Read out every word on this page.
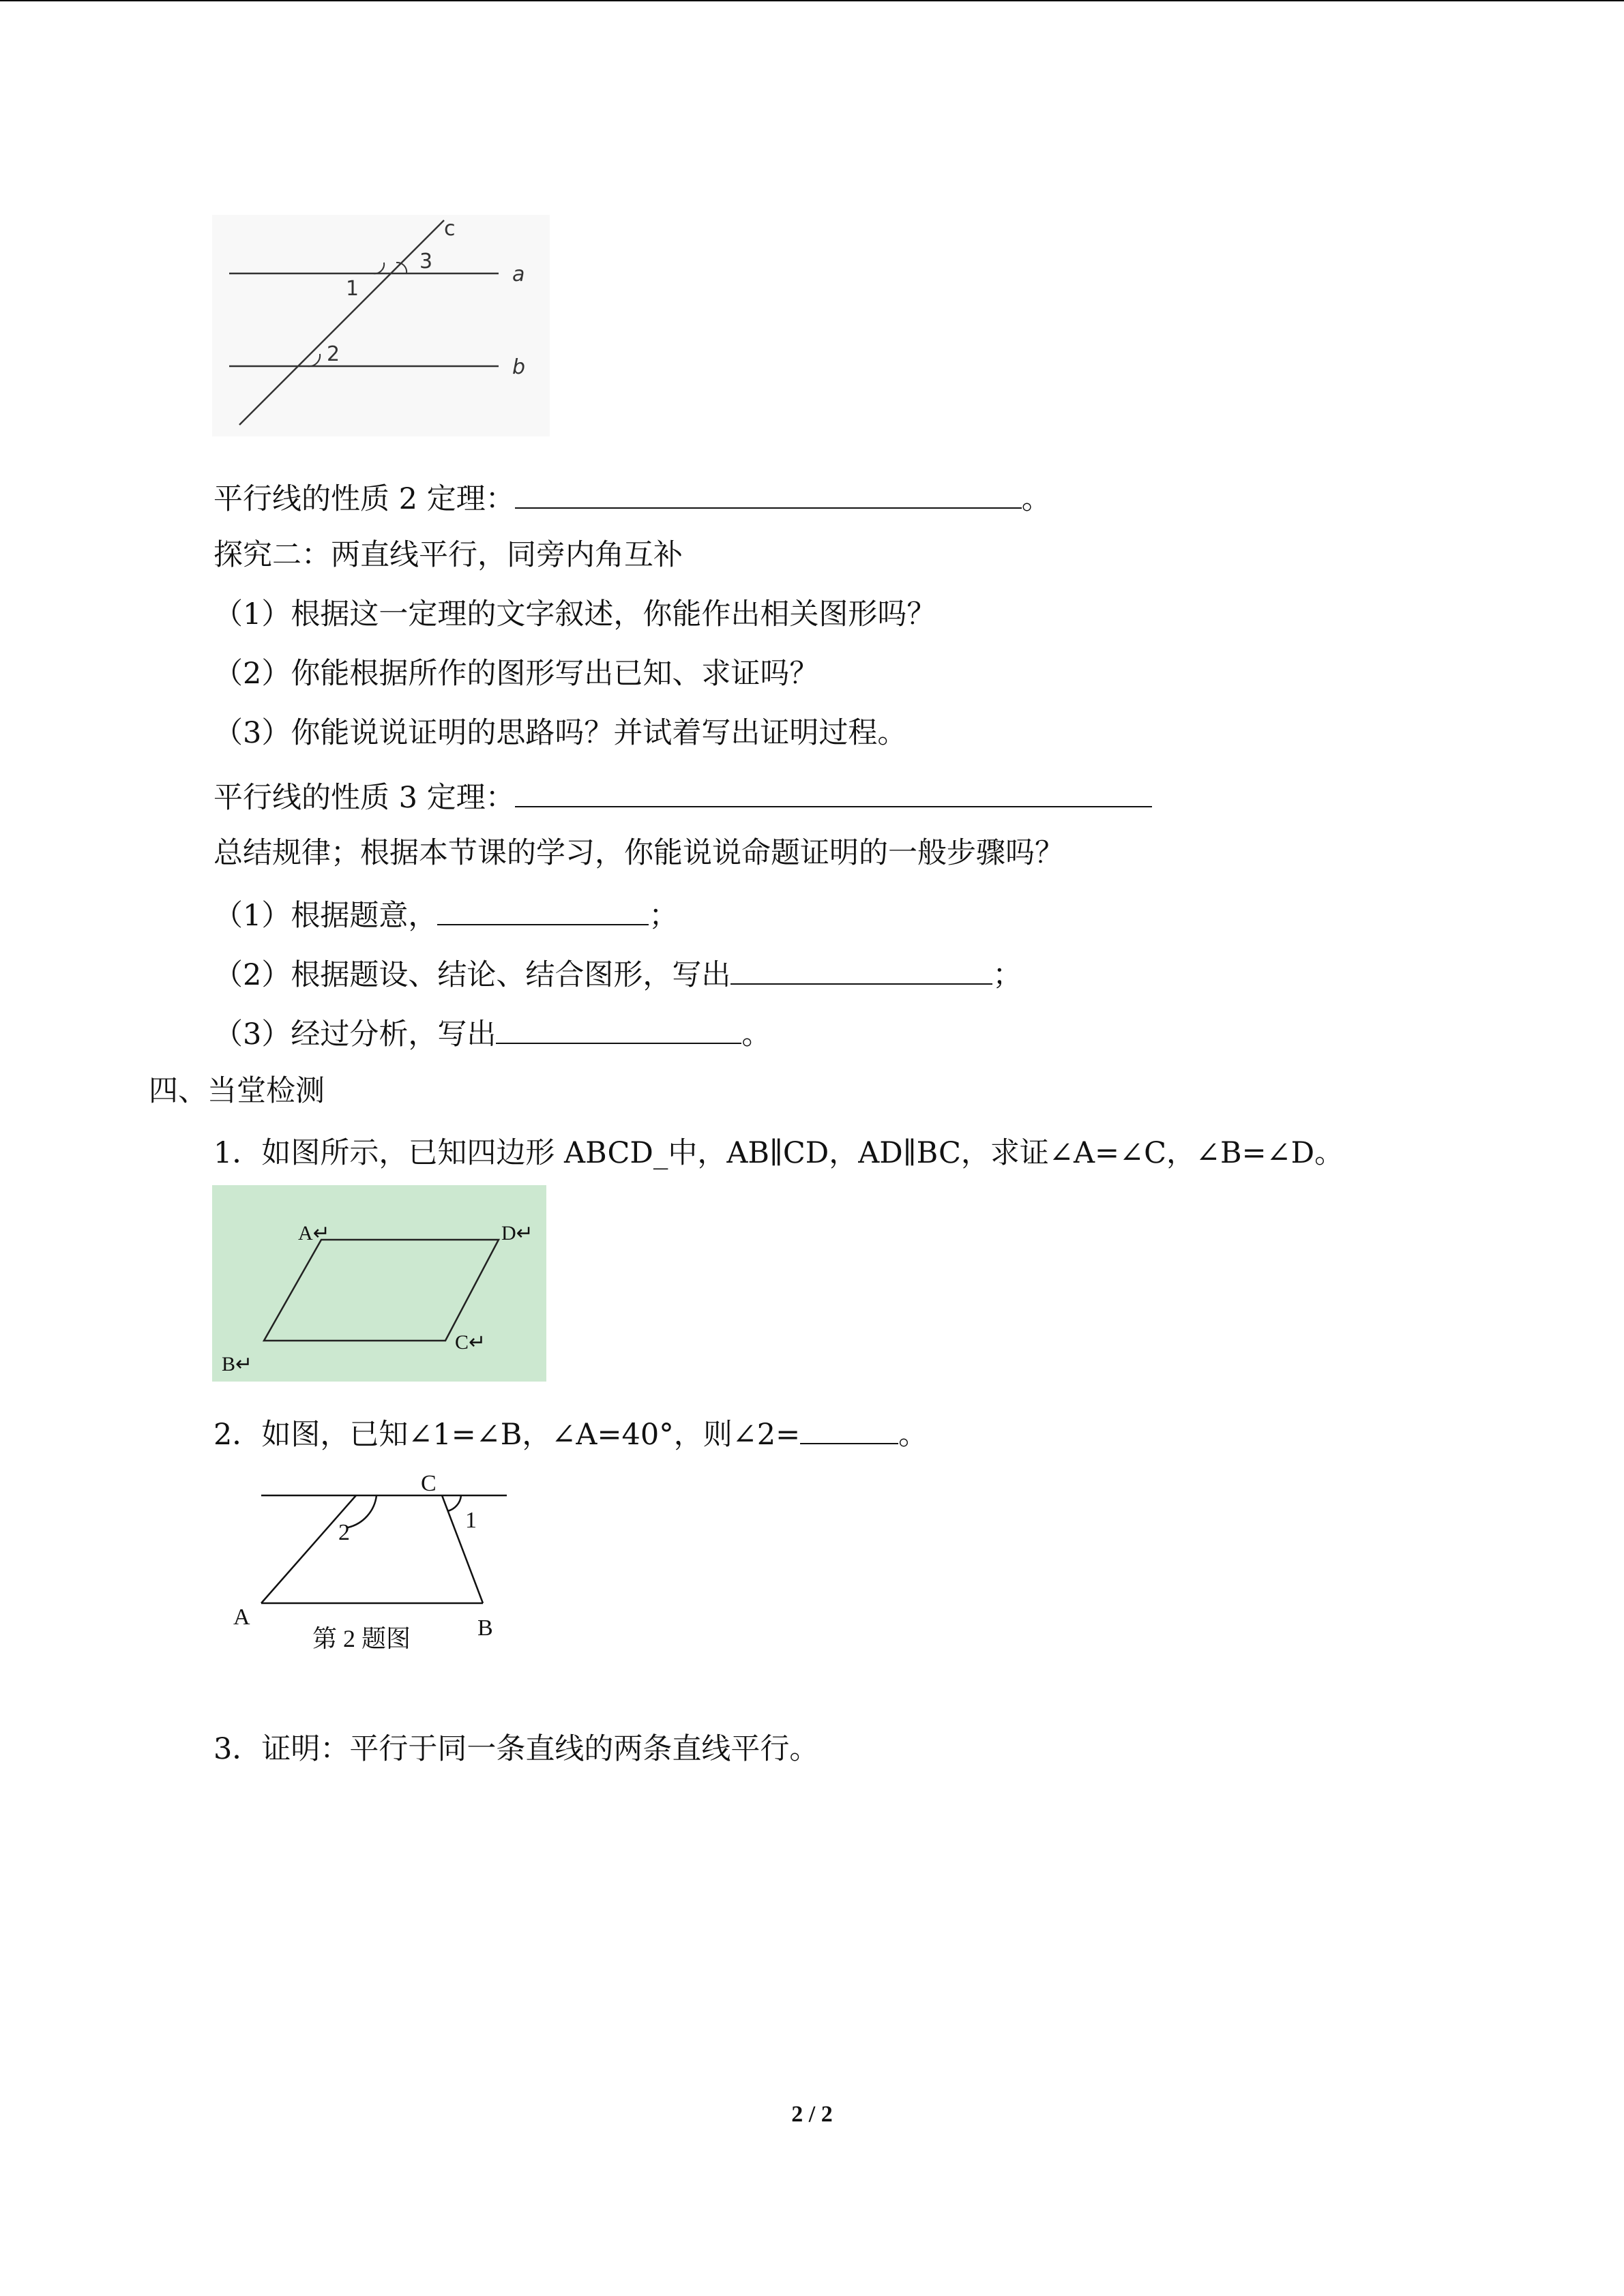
c
a
b
1
2
3
平行线的性质 2 定理：	。
探究二：两直线平行，同旁内角互补
（1）根据这一定理的文字叙述，你能作出相关图形吗？
（2）你能根据所作的图形写出已知、求证吗？
（3）你能说说证明的思路吗？并试着写出证明过程。
平行线的性质 3 定理：
总结规律；根据本节课的学习，你能说说命题证明的一般步骤吗？
（1）根据题意，	；
（2）根据题设、结论、结合图形，写出	；
（3）经过分析，写出	。
四、当堂检测
1．如图所示，已知四边形 ABCD_中，AB∥CD，AD∥BC，求证∠A=∠C，∠B=∠D。
A↵	D↵
B↵
C↵
2．如图，已知∠1=∠B，∠A=40°，则∠2=	。
C
2	1
A	B
第 2 题图
3．证明：平行于同一条直线的两条直线平行。
2 / 2
